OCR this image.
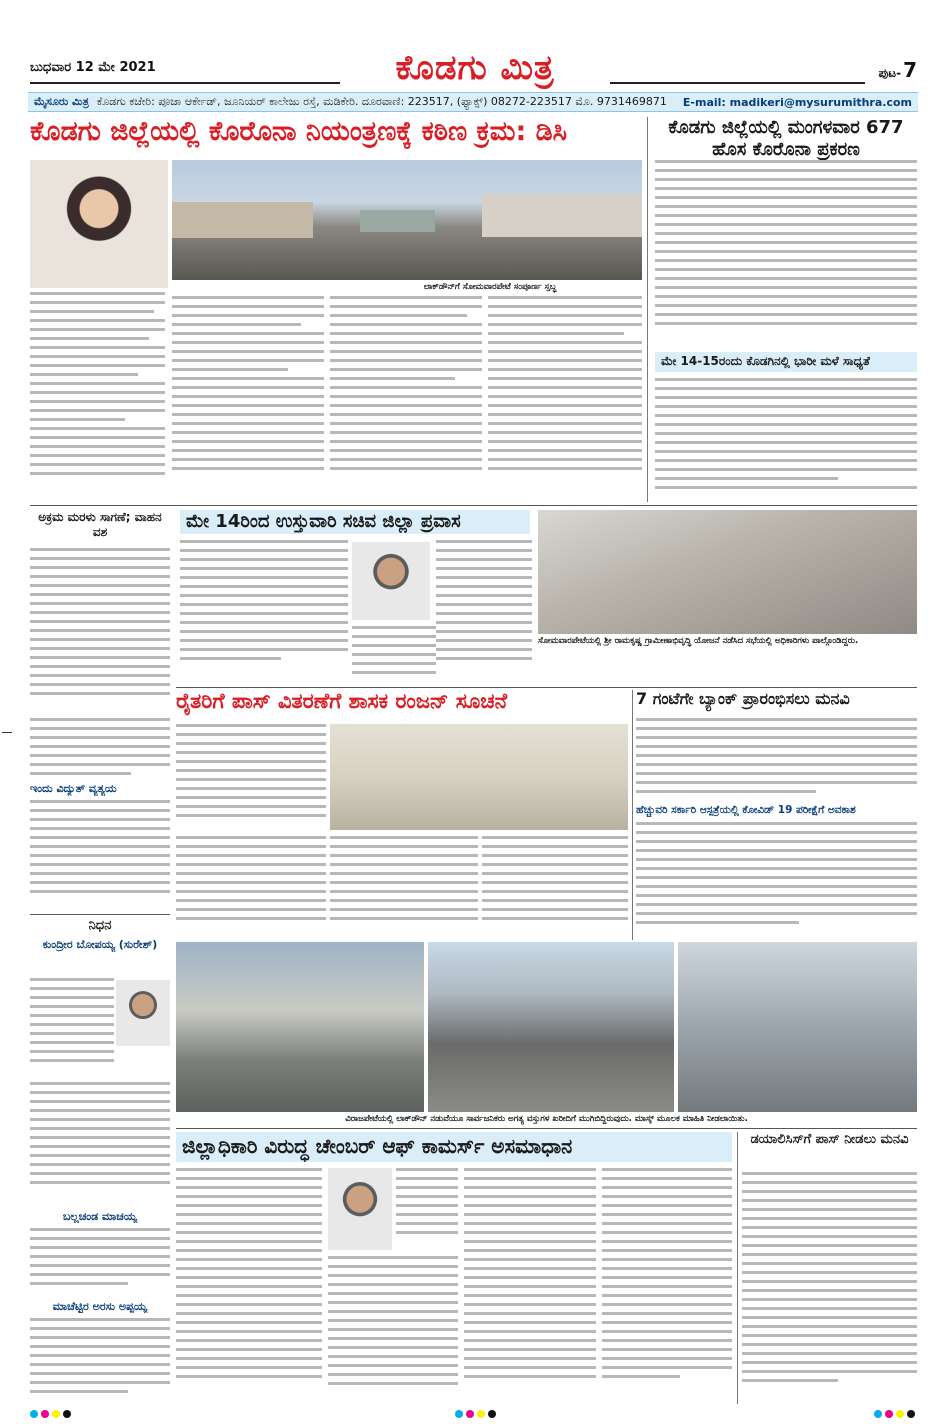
ಬುಧವಾರ 12 ಮೇ 2021	ಕೊಡಗು ಮಿತ್ರ	ಪುಟ- 7
ಮೈಸೂರು ಮಿತ್ರ ಕೊಡಗು ಕಚೇರಿ: ಪೂಜಾ ಆರ್ಕೇಡ್, ಜೂನಿಯರ್ ಕಾಲೇಜು ರಸ್ತೆ, ಮಡಿಕೇರಿ. ದೂರವಾಣಿ: 223517, (ಫ್ಯಾಕ್ಸ್) 08272-223517 ಮೊ. 9731469871 E-mail: madikeri@mysurumithra.com
ಕೊಡಗು ಜಿಲ್ಲೆಯಲ್ಲಿ ಕೊರೊನಾ ನಿಯಂತ್ರಣಕ್ಕೆ ಕಠಿಣ ಕ್ರಮ: ಡಿಸಿ	ಕೊಡಗು ಜಿಲ್ಲೆಯಲ್ಲಿ ಮಂಗಳವಾರ 677 ಹೊಸ ಕೊರೊನಾ ಪ್ರಕರಣ
ಲಾಕ್‌ಡೌನ್‌ಗೆ ಸೋಮವಾರಪೇಟೆ ಸಂಪೂರ್ಣ ಸ್ತಬ್ಧ
ಮೇ 14-15ರಂದು ಕೊಡಗಿನಲ್ಲಿ ಭಾರೀ ಮಳೆ ಸಾಧ್ಯತೆ
ಅಕ್ರಮ ಮರಳು ಸಾಗಣೆ; ವಾಹನ ವಶ
ಇಂದು ವಿದ್ಯುತ್ ವ್ಯತ್ಯಯ
ಮೇ 14ರಿಂದ ಉಸ್ತುವಾರಿ ಸಚಿವ ಜಿಲ್ಲಾ ಪ್ರವಾಸ
ಸೋಮವಾರಪೇಟೆಯಲ್ಲಿ ಶ್ರೀ ರಾಮಕೃಷ್ಣ ಗ್ರಾಮೀಣಾಭಿವೃದ್ಧಿ ಯೋಜನೆ ನಡೆಸಿದ ಸಭೆಯಲ್ಲಿ ಅಧಿಕಾರಿಗಳು ಪಾಲ್ಗೊಂಡಿದ್ದರು.
ರೈತರಿಗೆ ಪಾಸ್ ವಿತರಣೆಗೆ ಶಾಸಕ ರಂಜನ್ ಸೂಚನೆ	7 ಗಂಟೆಗೇ ಬ್ಯಾಂಕ್ ಪ್ರಾರಂಭಿಸಲು ಮನವಿ
ಹೆಚ್ಚುವರಿ ಸರ್ಕಾರಿ ಆಸ್ಪತ್ರೆಯಲ್ಲಿ ಕೋವಿಡ್ 19 ಪರೀಕ್ಷೆಗೆ ಅವಕಾಶ
ನಿಧನ
ಕುಂದ್ರೀರ ಬೋಪಯ್ಯ (ಸುರೇಶ್)
ಬಲ್ಲಚಂಡ ಮಾಚಯ್ಯ
ಮಾಚೆಟ್ಟಿರ ಅರಸು ಅಪ್ಪಯ್ಯ
ವಿರಾಜಪೇಟೆಯಲ್ಲಿ ಲಾಕ್‌ಡೌನ್ ನಡುವೆಯೂ ಸಾರ್ವಜನಿಕರು ಅಗತ್ಯ ವಸ್ತುಗಳ ಖರೀದಿಗೆ ಮುಗಿಬಿದ್ದಿರುವುದು. ಮಾಸ್ಕ್ ಮೂಲಕ ಮಾಹಿತಿ ನೀಡಲಾಯಿತು.
ಜಿಲ್ಲಾಧಿಕಾರಿ ವಿರುದ್ಧ ಚೇಂಬರ್ ಆಫ್ ಕಾಮರ್ಸ್ ಅಸಮಾಧಾನ	ಡಯಾಲಿಸಿಸ್‌ಗೆ ಪಾಸ್ ನೀಡಲು ಮನವಿ
